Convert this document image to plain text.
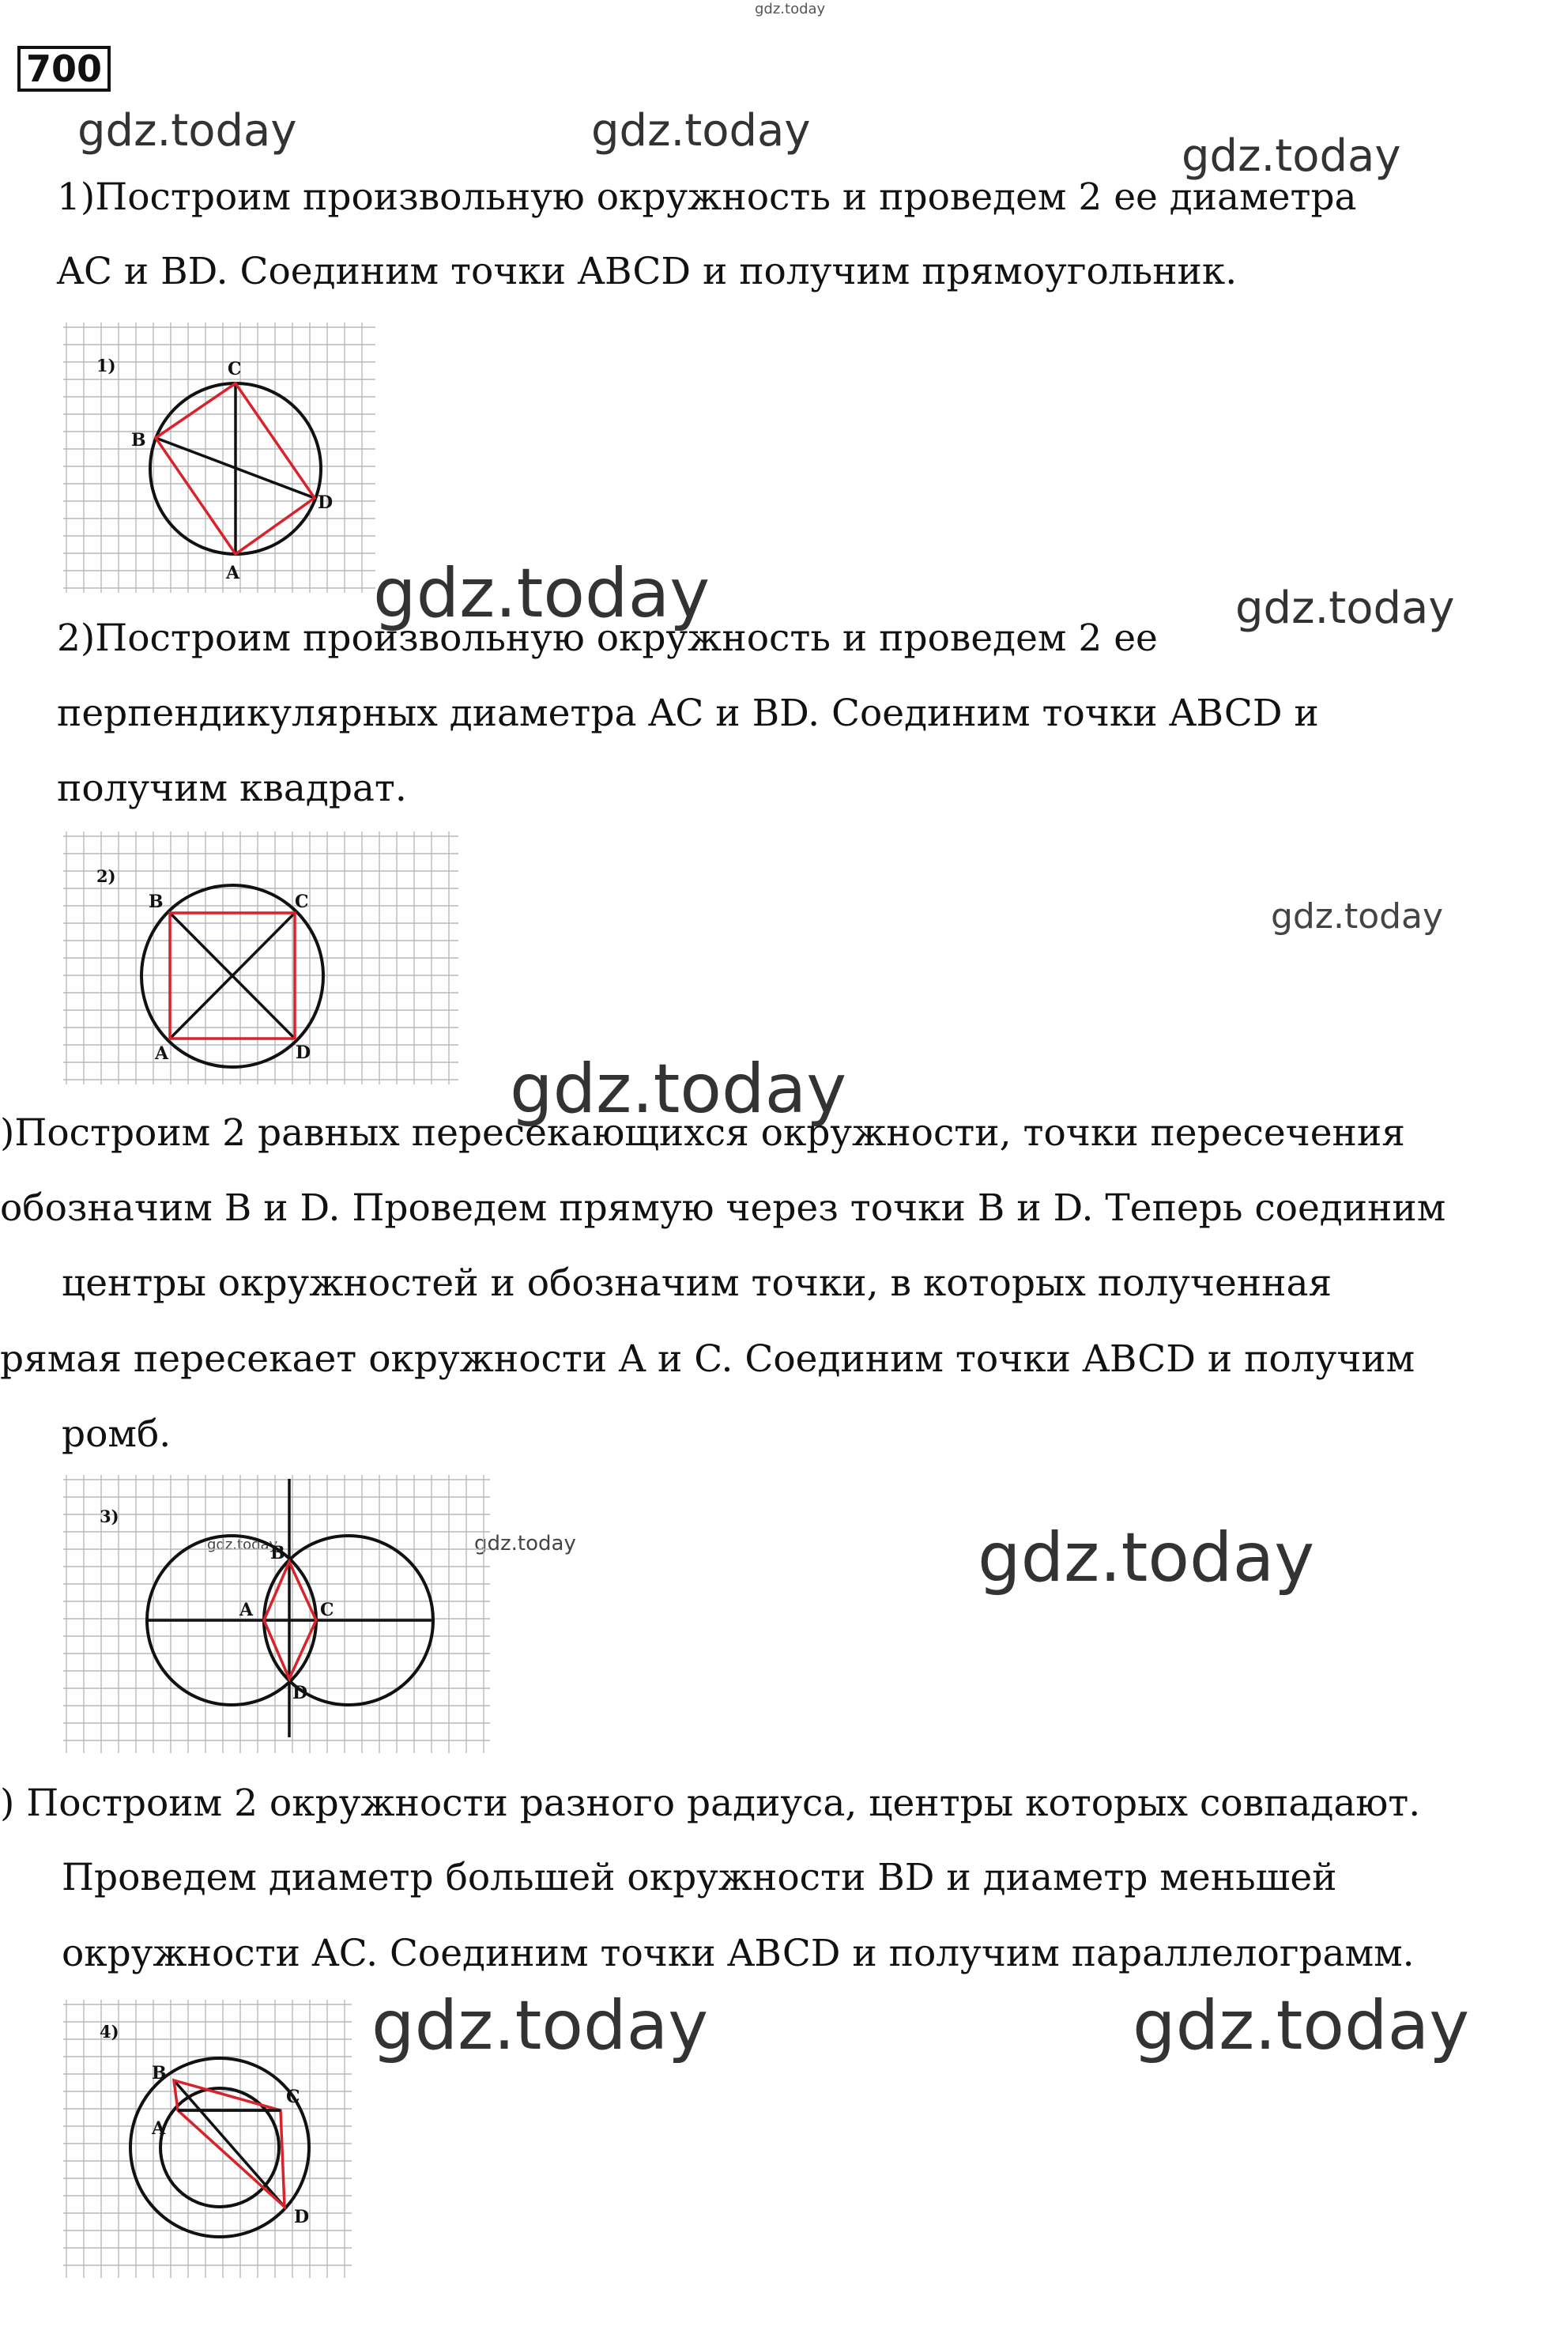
700
gdz.today
gdz.today	gdz.today	gdz.today
gdz.today	gdz.today
gdz.today
gdz.today
gdz.today
gdz.today
gdz.today
gdz.today	gdz.today
1)Построим произвольную окружность и проведем 2 ее диаметра
AC и BD. Соединим точки ABCD и получим прямоугольник.
1)
A
B
C
D
2)Построим произвольную окружность и проведем 2 ее
перпендикулярных диаметра AC и BD. Соединим точки ABCD и
получим квадрат.
2)
A
B	C
D
)Построим 2 равных пересекающихся окружности, точки пересечения
обозначим B и D. Проведем прямую через точки B и D. Теперь соединим
центры окружностей и обозначим точки, в которых полученная
рямая пересекает окружности A и C. Соединим точки ABCD и получим
ромб.
3)
A
B
C
D
) Построим 2 окружности разного радиуса, центры которых совпадают.
Проведем диаметр большей окружности BD и диаметр меньшей
окружности AC. Соединим точки ABCD и получим параллелограмм.
4)
A
B
C
D
